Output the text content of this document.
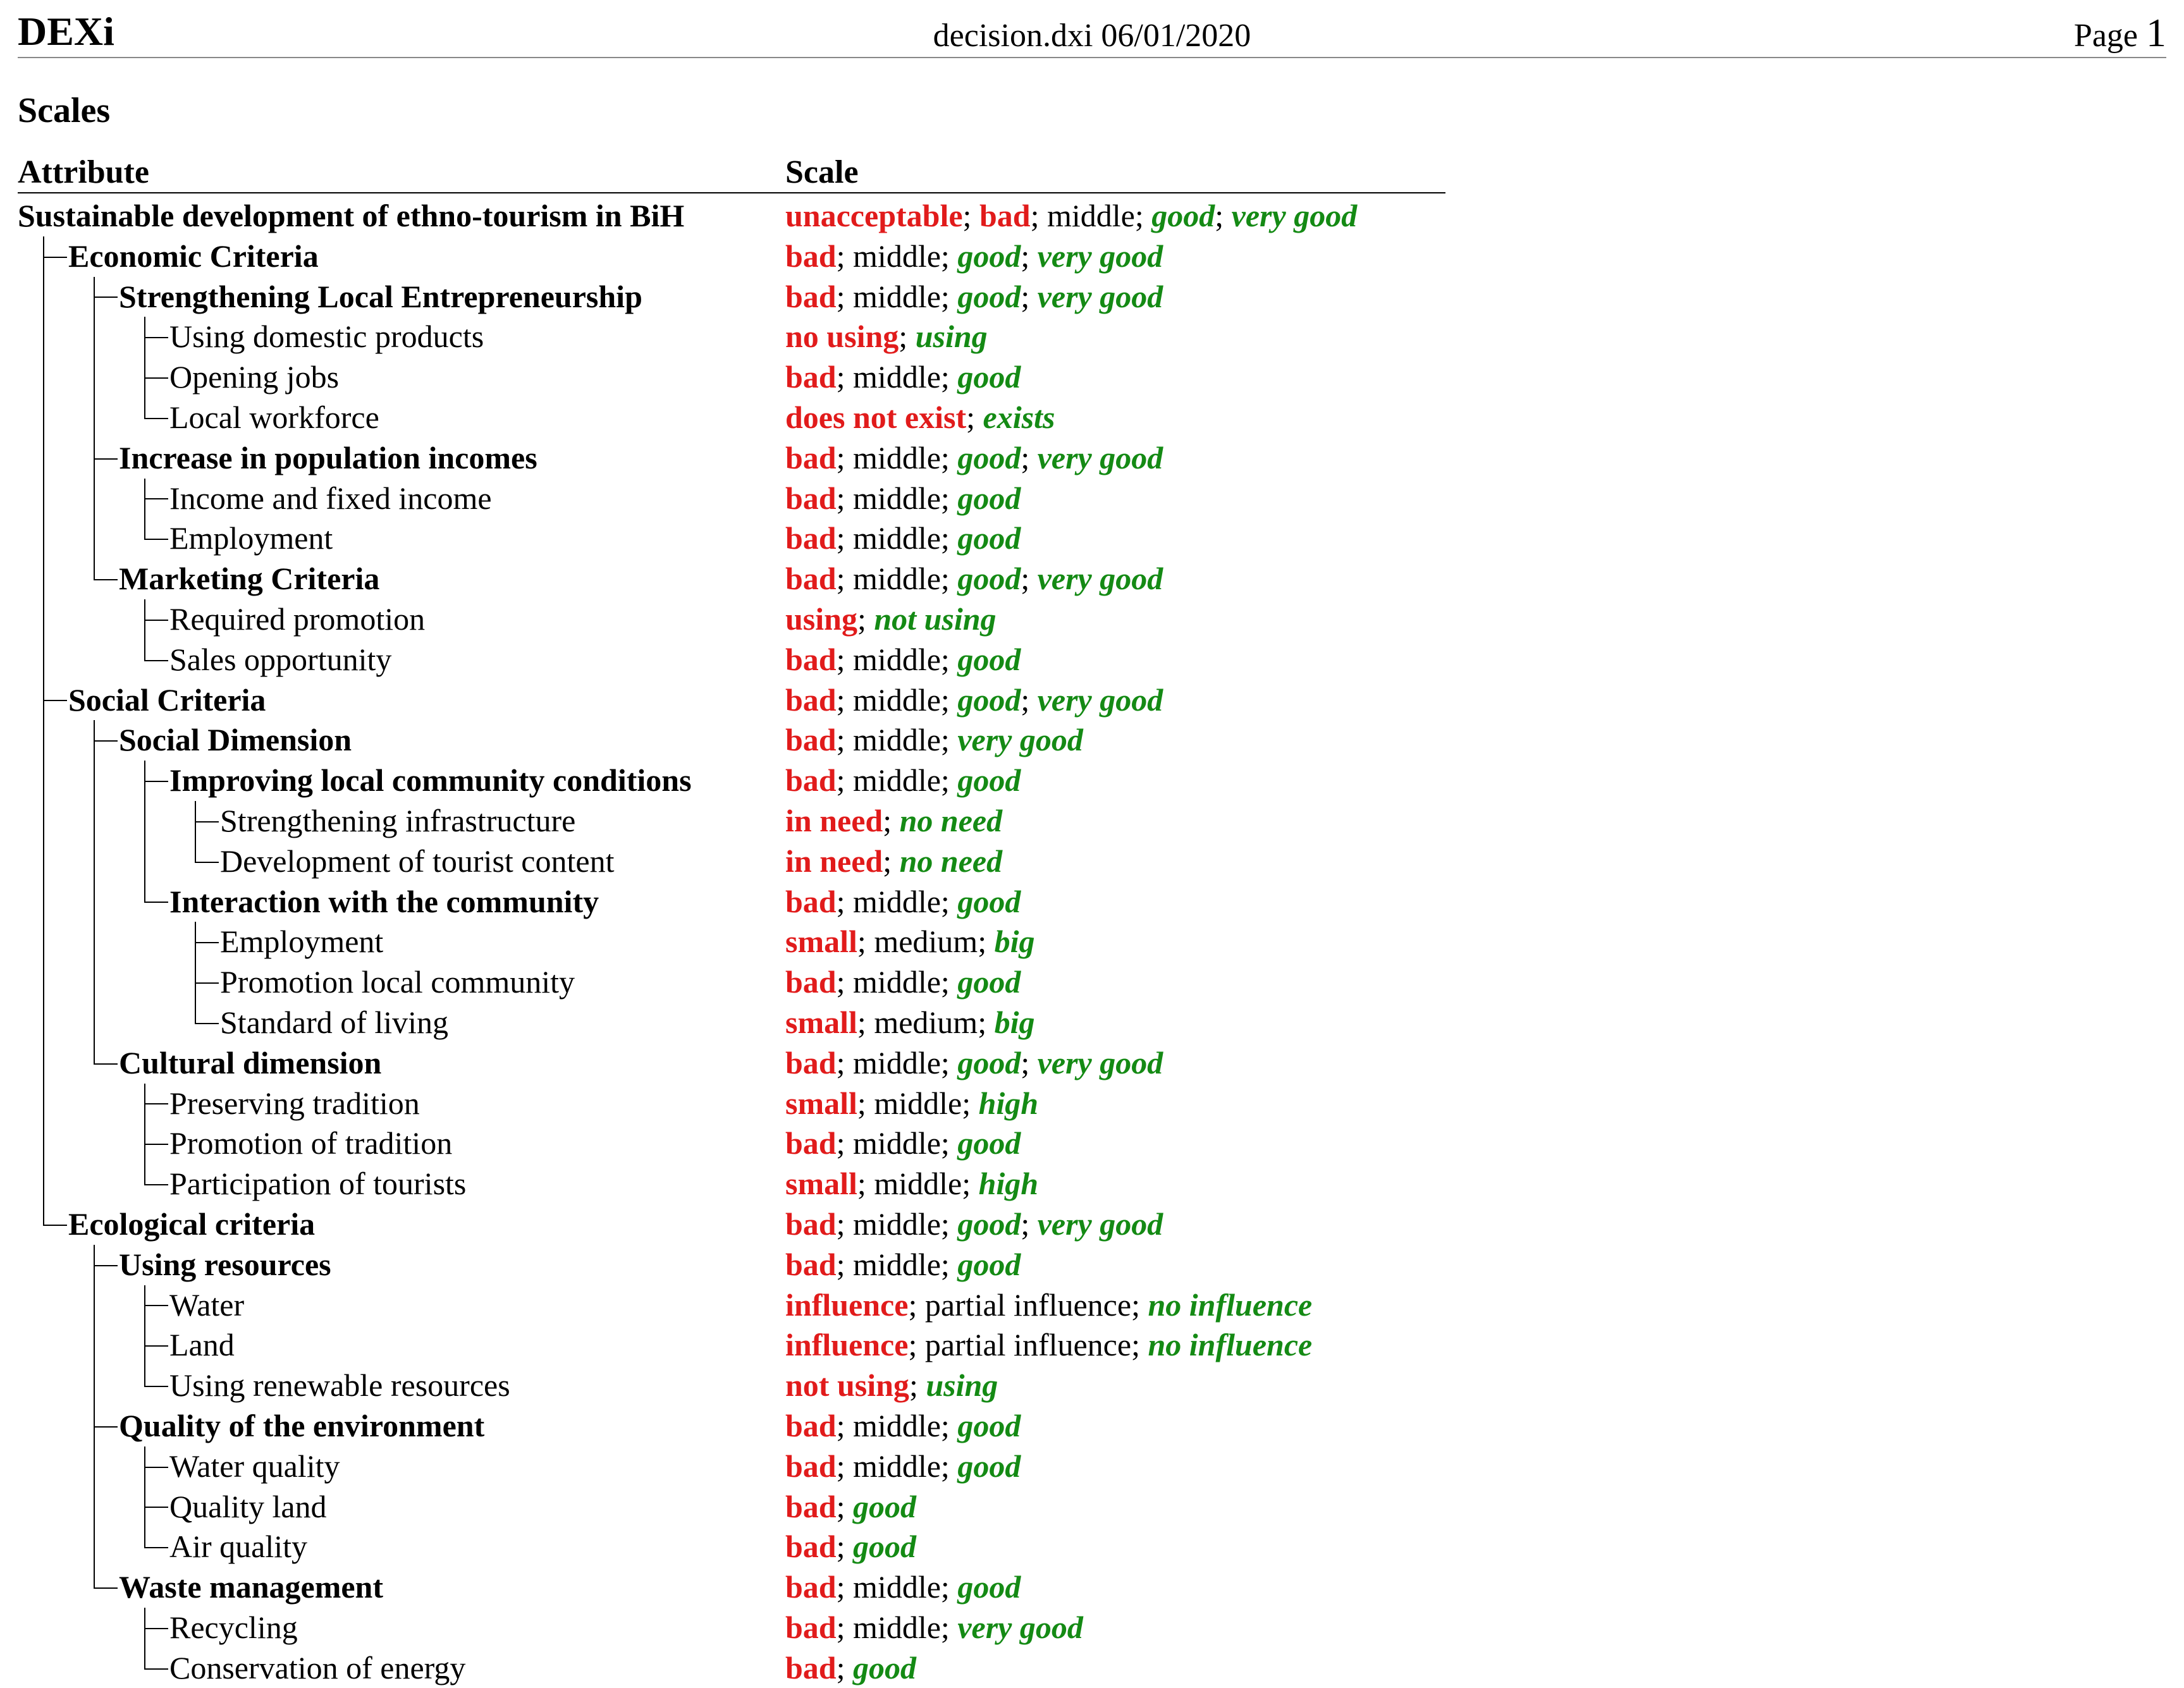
DEXi	decision.dxi 06/01/2020	Page 1
Scales
Attribute	Scale
Sustainable development of ethno-tourism in BiH	unacceptable; bad; middle; good; very good
Economic Criteria	bad; middle; good; very good
Strengthening Local Entrepreneurship	bad; middle; good; very good
Using domestic products	no using; using
Opening jobs	bad; middle; good
Local workforce	does not exist; exists
Increase in population incomes	bad; middle; good; very good
Income and fixed income	bad; middle; good
Employment	bad; middle; good
Marketing Criteria	bad; middle; good; very good
Required promotion	using; not using
Sales opportunity	bad; middle; good
Social Criteria	bad; middle; good; very good
Social Dimension	bad; middle; very good
Improving local community conditions	bad; middle; good
Strengthening infrastructure	in need; no need
Development of tourist content	in need; no need
Interaction with the community	bad; middle; good
Employment	small; medium; big
Promotion local community	bad; middle; good
Standard of living	small; medium; big
Cultural dimension	bad; middle; good; very good
Preserving tradition	small; middle; high
Promotion of tradition	bad; middle; good
Participation of tourists	small; middle; high
Ecological criteria	bad; middle; good; very good
Using resources	bad; middle; good
Water	influence; partial influence; no influence
Land	influence; partial influence; no influence
Using renewable resources	not using; using
Quality of the environment	bad; middle; good
Water quality	bad; middle; good
Quality land	bad; good
Air quality	bad; good
Waste management	bad; middle; good
Recycling	bad; middle; very good
Conservation of energy	bad; good
